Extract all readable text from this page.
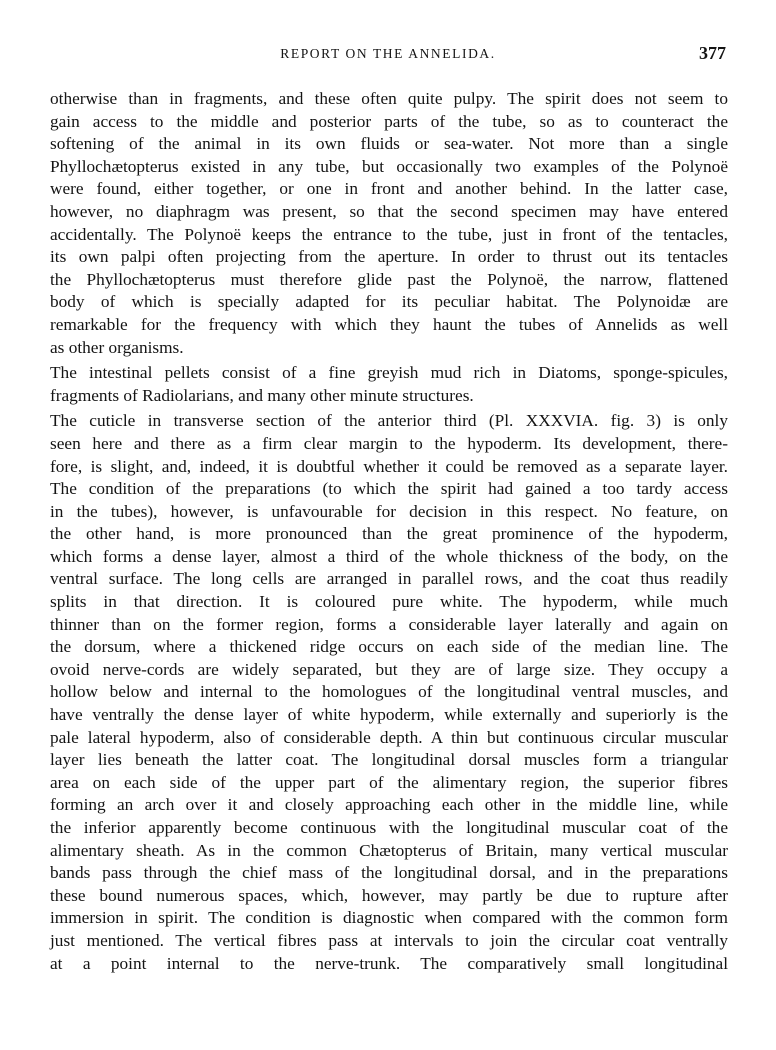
REPORT ON THE ANNELIDA.	377

otherwise than in fragments, and these often quite pulpy. The spirit does not seem to
gain access to the middle and posterior parts of the tube, so as to counteract the
softening of the animal in its own fluids or sea-water. Not more than a single
Phyllochætopterus existed in any tube, but occasionally two examples of the Polynoë
were found, either together, or one in front and another behind. In the latter case,
however, no diaphragm was present, so that the second specimen may have entered
accidentally. The Polynoë keeps the entrance to the tube, just in front of the tentacles,
its own palpi often projecting from the aperture. In order to thrust out its tentacles
the Phyllochætopterus must therefore glide past the Polynoë, the narrow, flattened
body of which is specially adapted for its peculiar habitat. The Polynoidæ are
remarkable for the frequency with which they haunt the tubes of Annelids as well
as other organisms.

The intestinal pellets consist of a fine greyish mud rich in Diatoms, sponge-spicules,
fragments of Radiolarians, and many other minute structures.

The cuticle in transverse section of the anterior third (Pl. XXXVIA. fig. 3) is only
seen here and there as a firm clear margin to the hypoderm. Its development, there-
fore, is slight, and, indeed, it is doubtful whether it could be removed as a separate layer.
The condition of the preparations (to which the spirit had gained a too tardy access
in the tubes), however, is unfavourable for decision in this respect. No feature, on
the other hand, is more pronounced than the great prominence of the hypoderm,
which forms a dense layer, almost a third of the whole thickness of the body, on the
ventral surface. The long cells are arranged in parallel rows, and the coat thus readily
splits in that direction. It is coloured pure white. The hypoderm, while much
thinner than on the former region, forms a considerable layer laterally and again on
the dorsum, where a thickened ridge occurs on each side of the median line. The
ovoid nerve-cords are widely separated, but they are of large size. They occupy a
hollow below and internal to the homologues of the longitudinal ventral muscles, and
have ventrally the dense layer of white hypoderm, while externally and superiorly is the
pale lateral hypoderm, also of considerable depth. A thin but continuous circular muscular
layer lies beneath the latter coat. The longitudinal dorsal muscles form a triangular
area on each side of the upper part of the alimentary region, the superior fibres
forming an arch over it and closely approaching each other in the middle line, while
the inferior apparently become continuous with the longitudinal muscular coat of the
alimentary sheath. As in the common Chætopterus of Britain, many vertical muscular
bands pass through the chief mass of the longitudinal dorsal, and in the preparations
these bound numerous spaces, which, however, may partly be due to rupture after
immersion in spirit. The condition is diagnostic when compared with the common form
just mentioned. The vertical fibres pass at intervals to join the circular coat ventrally
at a point internal to the nerve-trunk. The comparatively small longitudinal
